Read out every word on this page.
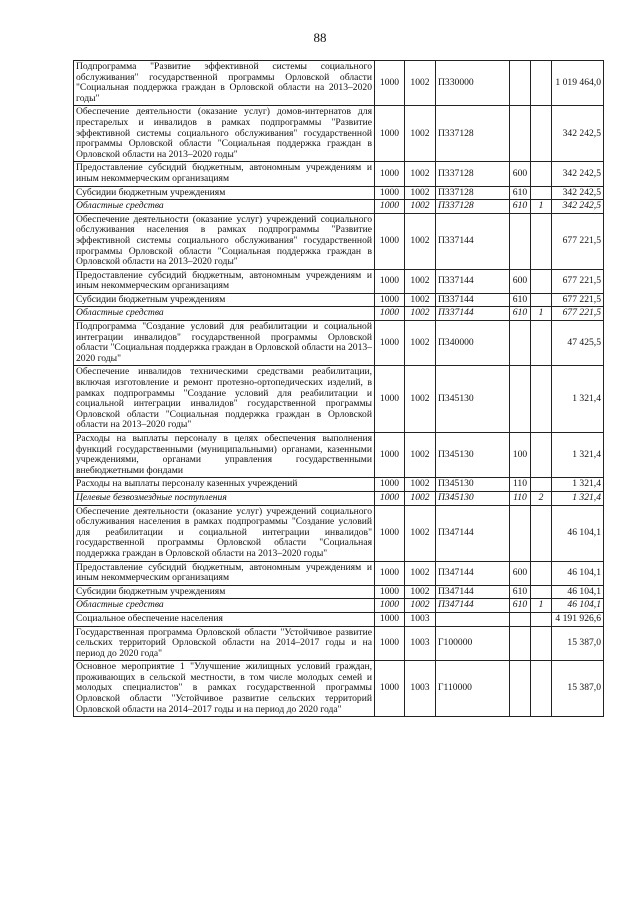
88
Подпрограмма "Развитие эффективной системы социального обслуживания" государственной программы Орловской области "Социальная поддержка граждан в Орловской области на 2013–2020 годы"	1000	1002	П330000			1 019 464,0
Обеспечение деятельности (оказание услуг) домов-интернатов для престарелых и инвалидов в рамках подпрограммы "Развитие эффективной системы социального обслуживания" государственной программы Орловской области "Социальная поддержка граждан в Орловской области на 2013–2020 годы"	1000	1002	П337128			342 242,5
Предоставление субсидий бюджетным, автономным учреждениям и иным некоммерческим организациям	1000	1002	П337128	600		342 242,5
Субсидии бюджетным учреждениям	1000	1002	П337128	610		342 242,5
Областные средства	1000	1002	П337128	610	1	342 242,5
Обеспечение деятельности (оказание услуг) учреждений социального обслуживания населения в рамках подпрограммы "Развитие эффективной системы социального обслуживания" государственной программы Орловской области "Социальная поддержка граждан в Орловской области на 2013–2020 годы"	1000	1002	П337144			677 221,5
Предоставление субсидий бюджетным, автономным учреждениям и иным некоммерческим организациям	1000	1002	П337144	600		677 221,5
Субсидии бюджетным учреждениям	1000	1002	П337144	610		677 221,5
Областные средства	1000	1002	П337144	610	1	677 221,5
Подпрограмма "Создание условий для реабилитации и социальной интеграции инвалидов" государственной программы Орловской области "Социальная поддержка граждан в Орловской области на 2013–2020 годы"	1000	1002	П340000			47 425,5
Обеспечение инвалидов техническими средствами реабилитации, включая изготовление и ремонт протезно-ортопедических изделий, в рамках подпрограммы "Создание условий для реабилитации и социальной интеграции инвалидов" государственной программы Орловской области "Социальная поддержка граждан в Орловской области на 2013–2020 годы"	1000	1002	П345130			1 321,4
Расходы на выплаты персоналу в целях обеспечения выполнения функций государственными (муниципальными) органами, казенными учреждениями, органами управления государственными внебюджетными фондами	1000	1002	П345130	100		1 321,4
Расходы на выплаты персоналу казенных учреждений	1000	1002	П345130	110		1 321,4
Целевые безвозмездные поступления	1000	1002	П345130	110	2	1 321,4
Обеспечение деятельности (оказание услуг) учреждений социального обслуживания населения в рамках подпрограммы "Создание условий для реабилитации и социальной интеграции инвалидов" государственной программы Орловской области "Социальная поддержка граждан в Орловской области на 2013–2020 годы"	1000	1002	П347144			46 104,1
Предоставление субсидий бюджетным, автономным учреждениям и иным некоммерческим организациям	1000	1002	П347144	600		46 104,1
Субсидии бюджетным учреждениям	1000	1002	П347144	610		46 104,1
Областные средства	1000	1002	П347144	610	1	46 104,1
Социальное обеспечение населения	1000	1003				4 191 926,6
Государственная программа Орловской области "Устойчивое развитие сельских территорий Орловской области на 2014–2017 годы и на период до 2020 года"	1000	1003	Г100000			15 387,0
Основное мероприятие 1 "Улучшение жилищных условий граждан, проживающих в сельской местности, в том числе молодых семей и молодых специалистов" в рамках государственной программы Орловской области "Устойчивое развитие сельских территорий Орловской области на 2014–2017 годы и на период до 2020 года"	1000	1003	Г110000			15 387,0
